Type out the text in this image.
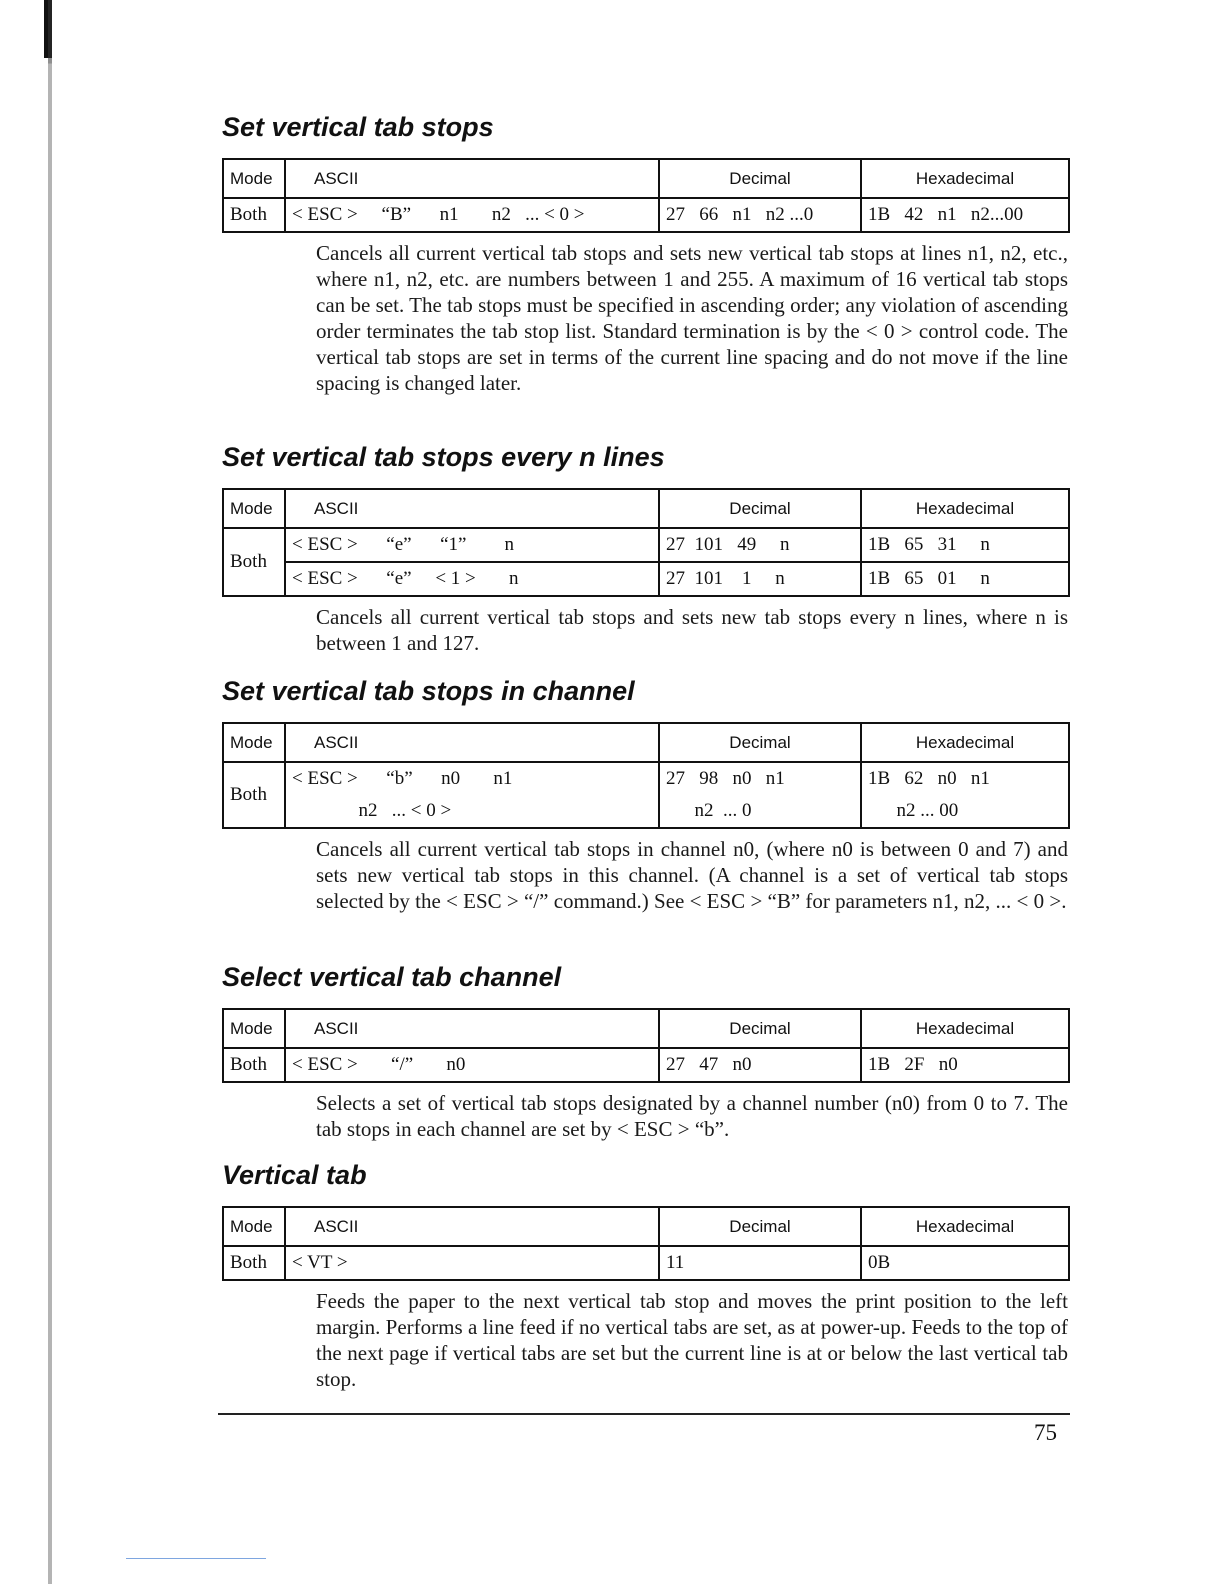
Set vertical tab stops
Mode	ASCII	Decimal	Hexadecimal
Both	< ESC >     “B”      n1       n2   ... < 0 >	27   66   n1   n2 ...0	1B   42   n1   n2...00

Cancels all current vertical tab stops and sets new vertical tab stops at lines n1, n2, etc., where n1, n2, etc. are numbers between 1 and 255. A maximum of 16 vertical tab stops can be set. The tab stops must be specified in ascending order; any violation of ascending order terminates the tab stop list. Standard termination is by the < 0 > control code. The vertical tab stops are set in terms of the current line spacing and do not move if the line spacing is changed later.

Set vertical tab stops every n lines
Mode	ASCII	Decimal	Hexadecimal
Both	< ESC >      “e”      “1”        n	27  101   49     n	1B   65   31     n
	< ESC >      “e”     < 1 >       n	27  101    1     n	1B   65   01     n

Cancels all current vertical tab stops and sets new tab stops every n lines, where n is between 1 and 127.

Set vertical tab stops in channel
Mode	ASCII	Decimal	Hexadecimal
Both	< ESC >      “b”      n0       n1	27   98   n0   n1	1B   62   n0   n1
	n2   ... < 0 >	n2  ... 0	n2 ... 00

Cancels all current vertical tab stops in channel n0, (where n0 is between 0 and 7) and sets new vertical tab stops in this channel. (A channel is a set of vertical tab stops selected by the < ESC > “/” command.) See < ESC > “B” for parameters n1, n2, ... < 0 >.

Select vertical tab channel
Mode	ASCII	Decimal	Hexadecimal
Both	< ESC >       “/”       n0	27   47   n0	1B   2F   n0

Selects a set of vertical tab stops designated by a channel number (n0) from 0 to 7. The tab stops in each channel are set by < ESC > “b”.

Vertical tab
Mode	ASCII	Decimal	Hexadecimal
Both	< VT >	11	0B

Feeds the paper to the next vertical tab stop and moves the print position to the left margin. Performs a line feed if no vertical tabs are set, as at power-up. Feeds to the top of the next page if vertical tabs are set but the current line is at or below the last vertical tab stop.

75
